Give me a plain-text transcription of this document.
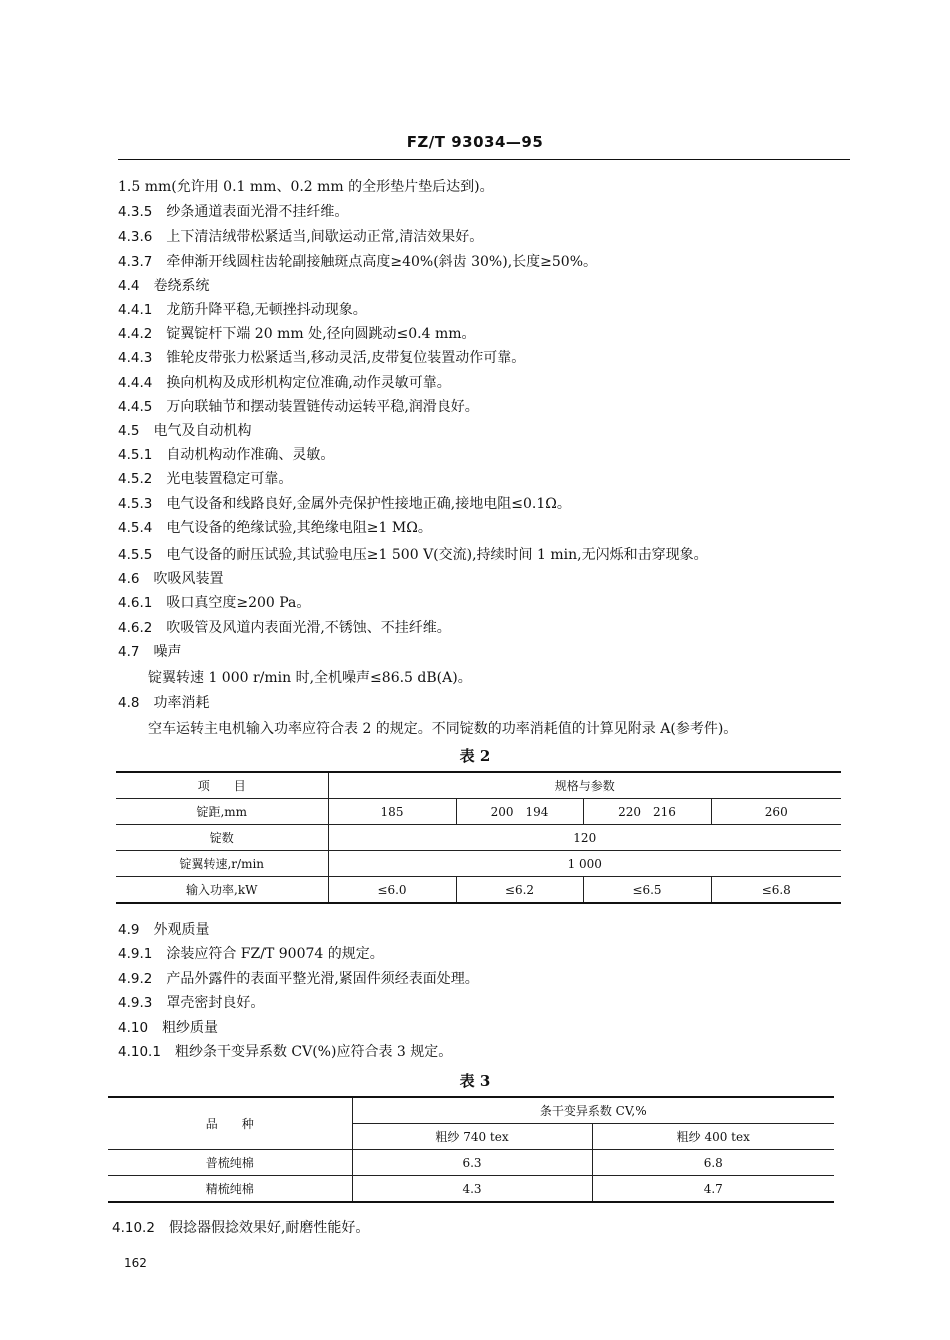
FZ/T 93034—95
1.5 mm(允许用 0.1 mm、0.2 mm 的全形垫片垫后达到)。
4.3.5 纱条通道表面光滑不挂纤维。
4.3.6 上下清洁绒带松紧适当,间歇运动正常,清洁效果好。
4.3.7 牵伸渐开线圆柱齿轮副接触斑点高度≥40%(斜齿 30%),长度≥50%。
4.4 卷绕系统
4.4.1 龙筋升降平稳,无顿挫抖动现象。
4.4.2 锭翼锭杆下端 20 mm 处,径向圆跳动≤0.4 mm。
4.4.3 锥轮皮带张力松紧适当,移动灵活,皮带复位装置动作可靠。
4.4.4 换向机构及成形机构定位准确,动作灵敏可靠。
4.4.5 万向联轴节和摆动装置链传动运转平稳,润滑良好。
4.5 电气及自动机构
4.5.1 自动机构动作准确、灵敏。
4.5.2 光电装置稳定可靠。
4.5.3 电气设备和线路良好,金属外壳保护性接地正确,接地电阻≤0.1Ω。
4.5.4 电气设备的绝缘试验,其绝缘电阻≥1 MΩ。
4.5.5 电气设备的耐压试验,其试验电压≥1 500 V(交流),持续时间 1 min,无闪烁和击穿现象。
4.6 吹吸风装置
4.6.1 吸口真空度≥200 Pa。
4.6.2 吹吸管及风道内表面光滑,不锈蚀、不挂纤维。
4.7 噪声
锭翼转速 1 000 r/min 时,全机噪声≤86.5 dB(A)。
4.8 功率消耗
空车运转主电机输入功率应符合表 2 的规定。不同锭数的功率消耗值的计算见附录 A(参考件)。
表 2
项　　目	规格与参数			
锭距,mm	185	200　194	220　216	260
锭数	120			
锭翼转速,r/min	1 000			
输入功率,kW	≤6.0	≤6.2	≤6.5	≤6.8
4.9 外观质量
4.9.1 涂装应符合 FZ/T 90074 的规定。
4.9.2 产品外露件的表面平整光滑,紧固件须经表面处理。
4.9.3 罩壳密封良好。
4.10 粗纱质量
4.10.1 粗纱条干变异系数 CV(%)应符合表 3 规定。
表 3
品　　种	条干变异系数 CV,%	
	粗纱 740 tex	粗纱 400 tex
普梳纯棉	6.3	6.8
精梳纯棉	4.3	4.7
4.10.2 假捻器假捻效果好,耐磨性能好。
162
